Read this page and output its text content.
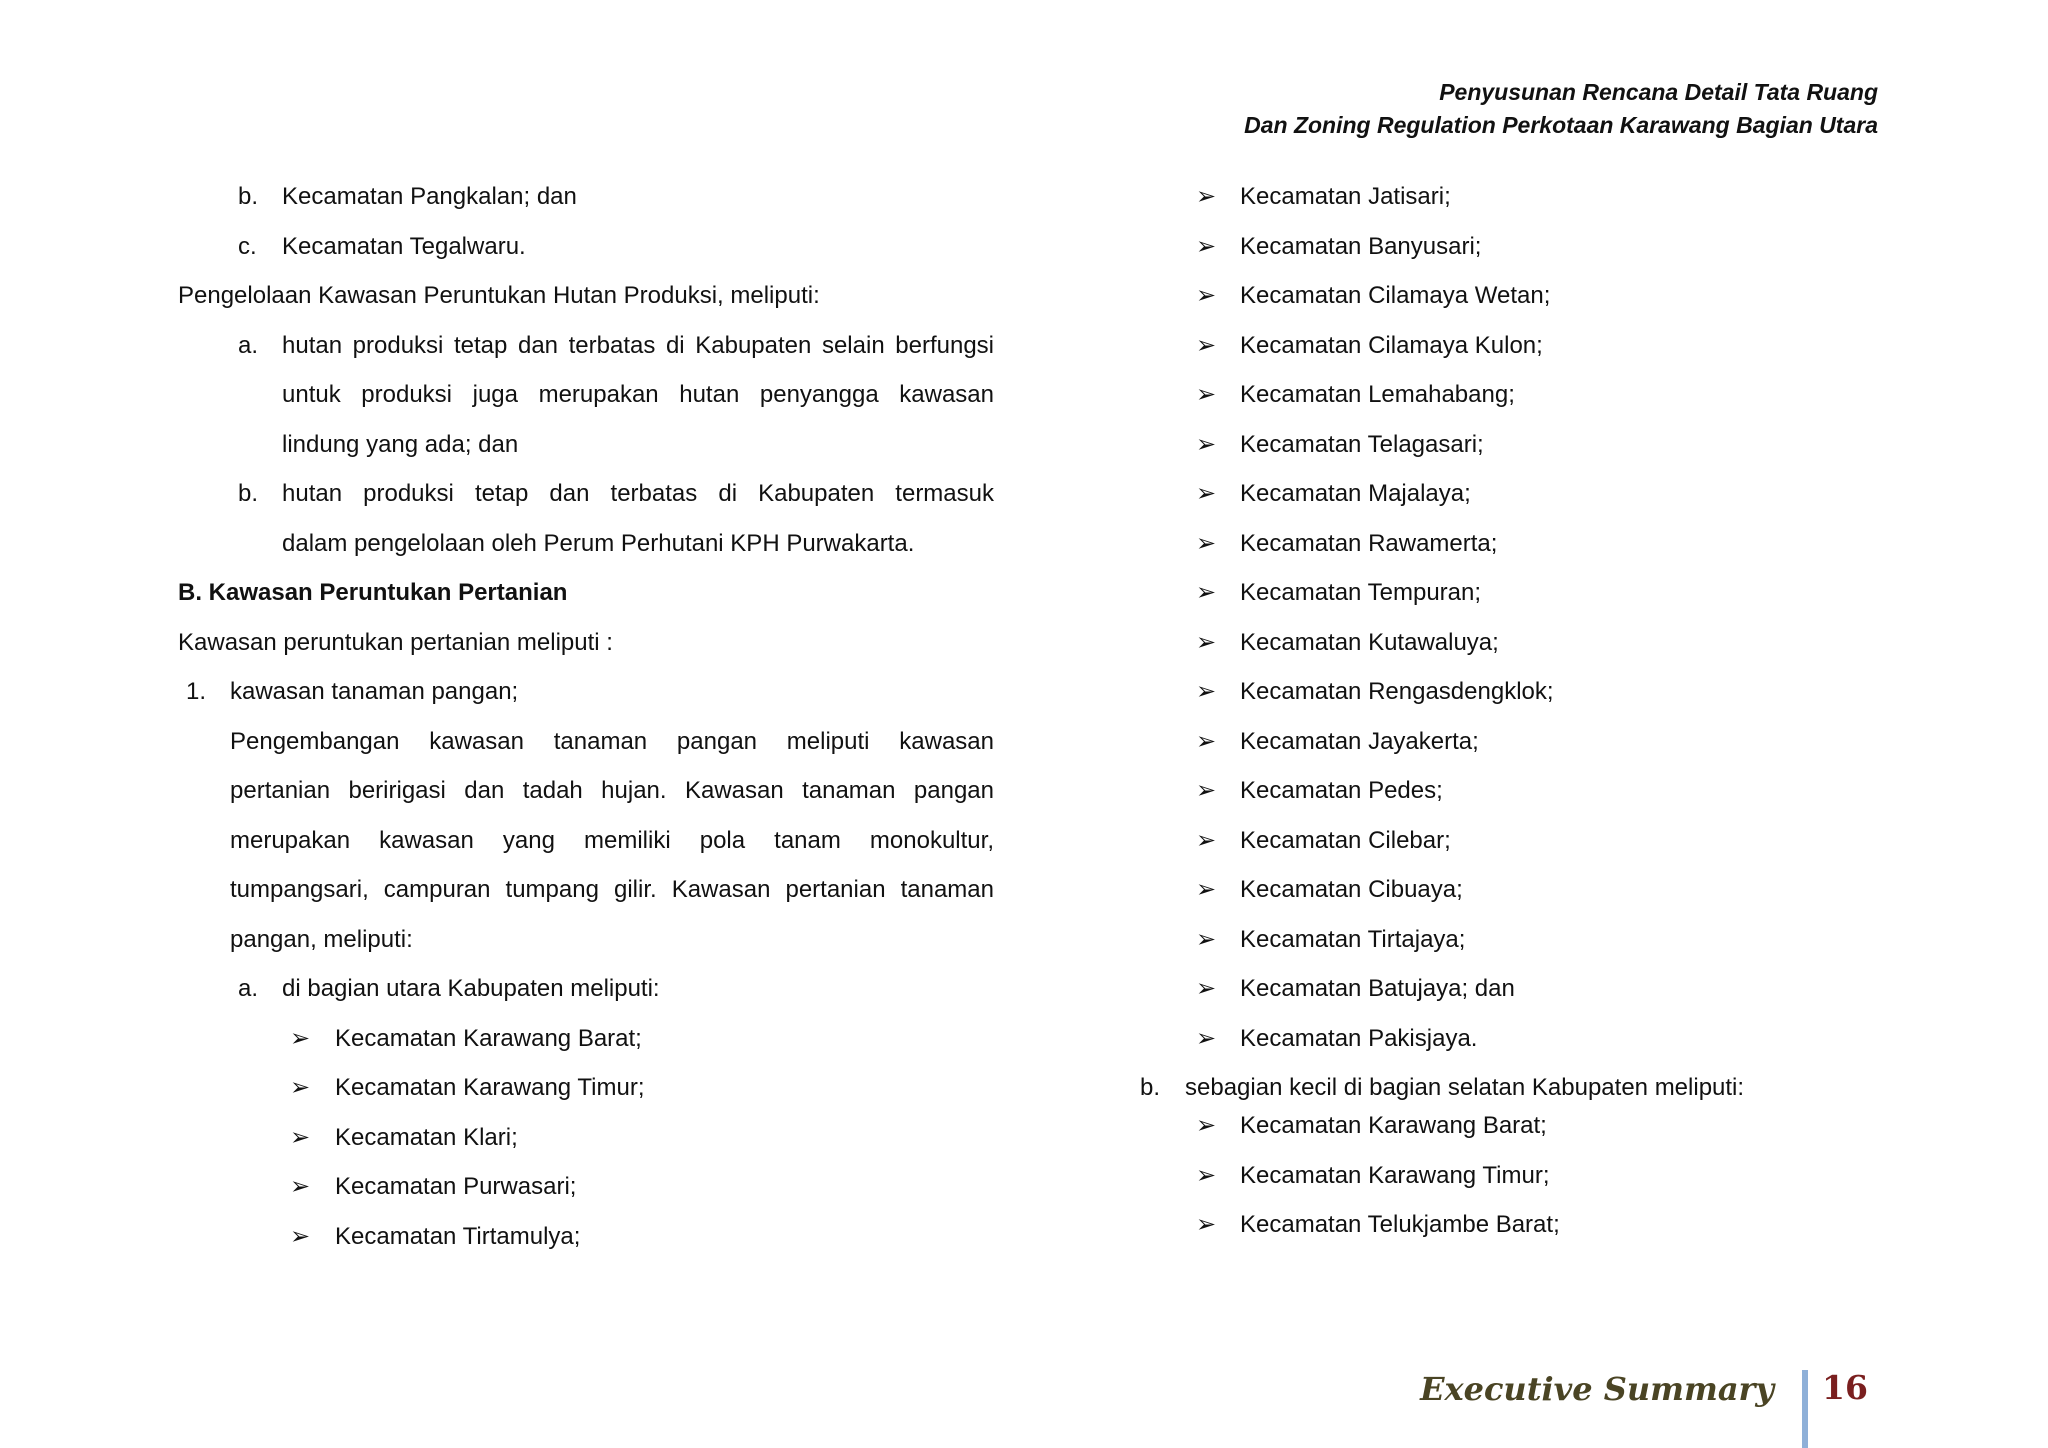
Penyusunan Rencana Detail Tata Ruang
Dan Zoning Regulation Perkotaan Karawang Bagian Utara
b. Kecamatan Pangkalan; dan
c. Kecamatan Tegalwaru.
Pengelolaan Kawasan Peruntukan Hutan Produksi, meliputi:
a. hutan produksi tetap dan terbatas di Kabupaten selain berfungsi
untuk produksi juga merupakan hutan penyangga kawasan
lindung yang ada; dan
b. hutan produksi tetap dan terbatas di Kabupaten termasuk
dalam pengelolaan oleh Perum Perhutani KPH Purwakarta.
B. Kawasan Peruntukan Pertanian
Kawasan peruntukan pertanian meliputi :
1. kawasan tanaman pangan;
Pengembangan kawasan tanaman pangan meliputi kawasan
pertanian beririgasi dan tadah hujan. Kawasan tanaman pangan
merupakan kawasan yang memiliki pola tanam monokultur,
tumpangsari, campuran tumpang gilir. Kawasan pertanian tanaman
pangan, meliputi:
a. di bagian utara Kabupaten meliputi:
➢ Kecamatan Karawang Barat;
➢ Kecamatan Karawang Timur;
➢ Kecamatan Klari;
➢ Kecamatan Purwasari;
➢ Kecamatan Tirtamulya;
➢ Kecamatan Jatisari;
➢ Kecamatan Banyusari;
➢ Kecamatan Cilamaya Wetan;
➢ Kecamatan Cilamaya Kulon;
➢ Kecamatan Lemahabang;
➢ Kecamatan Telagasari;
➢ Kecamatan Majalaya;
➢ Kecamatan Rawamerta;
➢ Kecamatan Tempuran;
➢ Kecamatan Kutawaluya;
➢ Kecamatan Rengasdengklok;
➢ Kecamatan Jayakerta;
➢ Kecamatan Pedes;
➢ Kecamatan Cilebar;
➢ Kecamatan Cibuaya;
➢ Kecamatan Tirtajaya;
➢ Kecamatan Batujaya; dan
➢ Kecamatan Pakisjaya.
b. sebagian kecil di bagian selatan Kabupaten meliputi:
➢ Kecamatan Karawang Barat;
➢ Kecamatan Karawang Timur;
➢ Kecamatan Telukjambe Barat;
Executive Summary 16
